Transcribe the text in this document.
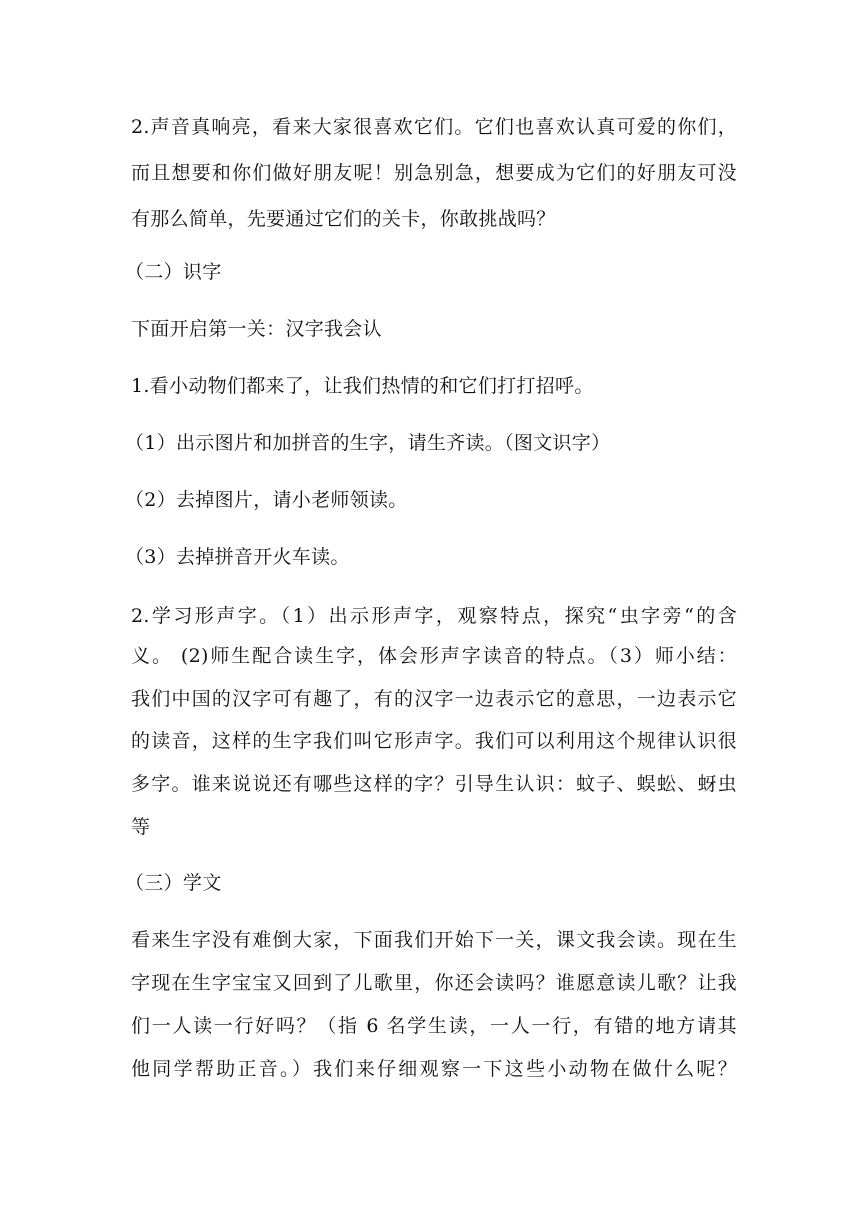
2.声音真响亮，看来大家很喜欢它们。它们也喜欢认真可爱的你们，
而且想要和你们做好朋友呢！别急别急，想要成为它们的好朋友可没
有那么简单，先要通过它们的关卡，你敢挑战吗？
（二）识字
下面开启第一关：汉字我会认
1.看小动物们都来了，让我们热情的和它们打打招呼。
（1）出示图片和加拼音的生字，请生齐读。（图文识字）
（2）去掉图片，请小老师领读。
（3）去掉拼音开火车读。
2.学习形声字。（1）出示形声字，观察特点，探究“虫字旁“的含
义。 (2)师生配合读生字，体会形声字读音的特点。（3）师小结：
我们中国的汉字可有趣了，有的汉字一边表示它的意思，一边表示它
的读音，这样的生字我们叫它形声字。我们可以利用这个规律认识很
多字。谁来说说还有哪些这样的字？引导生认识：蚊子、蜈蚣、蚜虫
等
（三）学文
看来生字没有难倒大家，下面我们开始下一关，课文我会读。现在生
字现在生字宝宝又回到了儿歌里，你还会读吗？谁愿意读儿歌？让我
们一人读一行好吗？（指 6 名学生读，一人一行，有错的地方请其
他同学帮助正音。）我们来仔细观察一下这些小动物在做什么呢？
